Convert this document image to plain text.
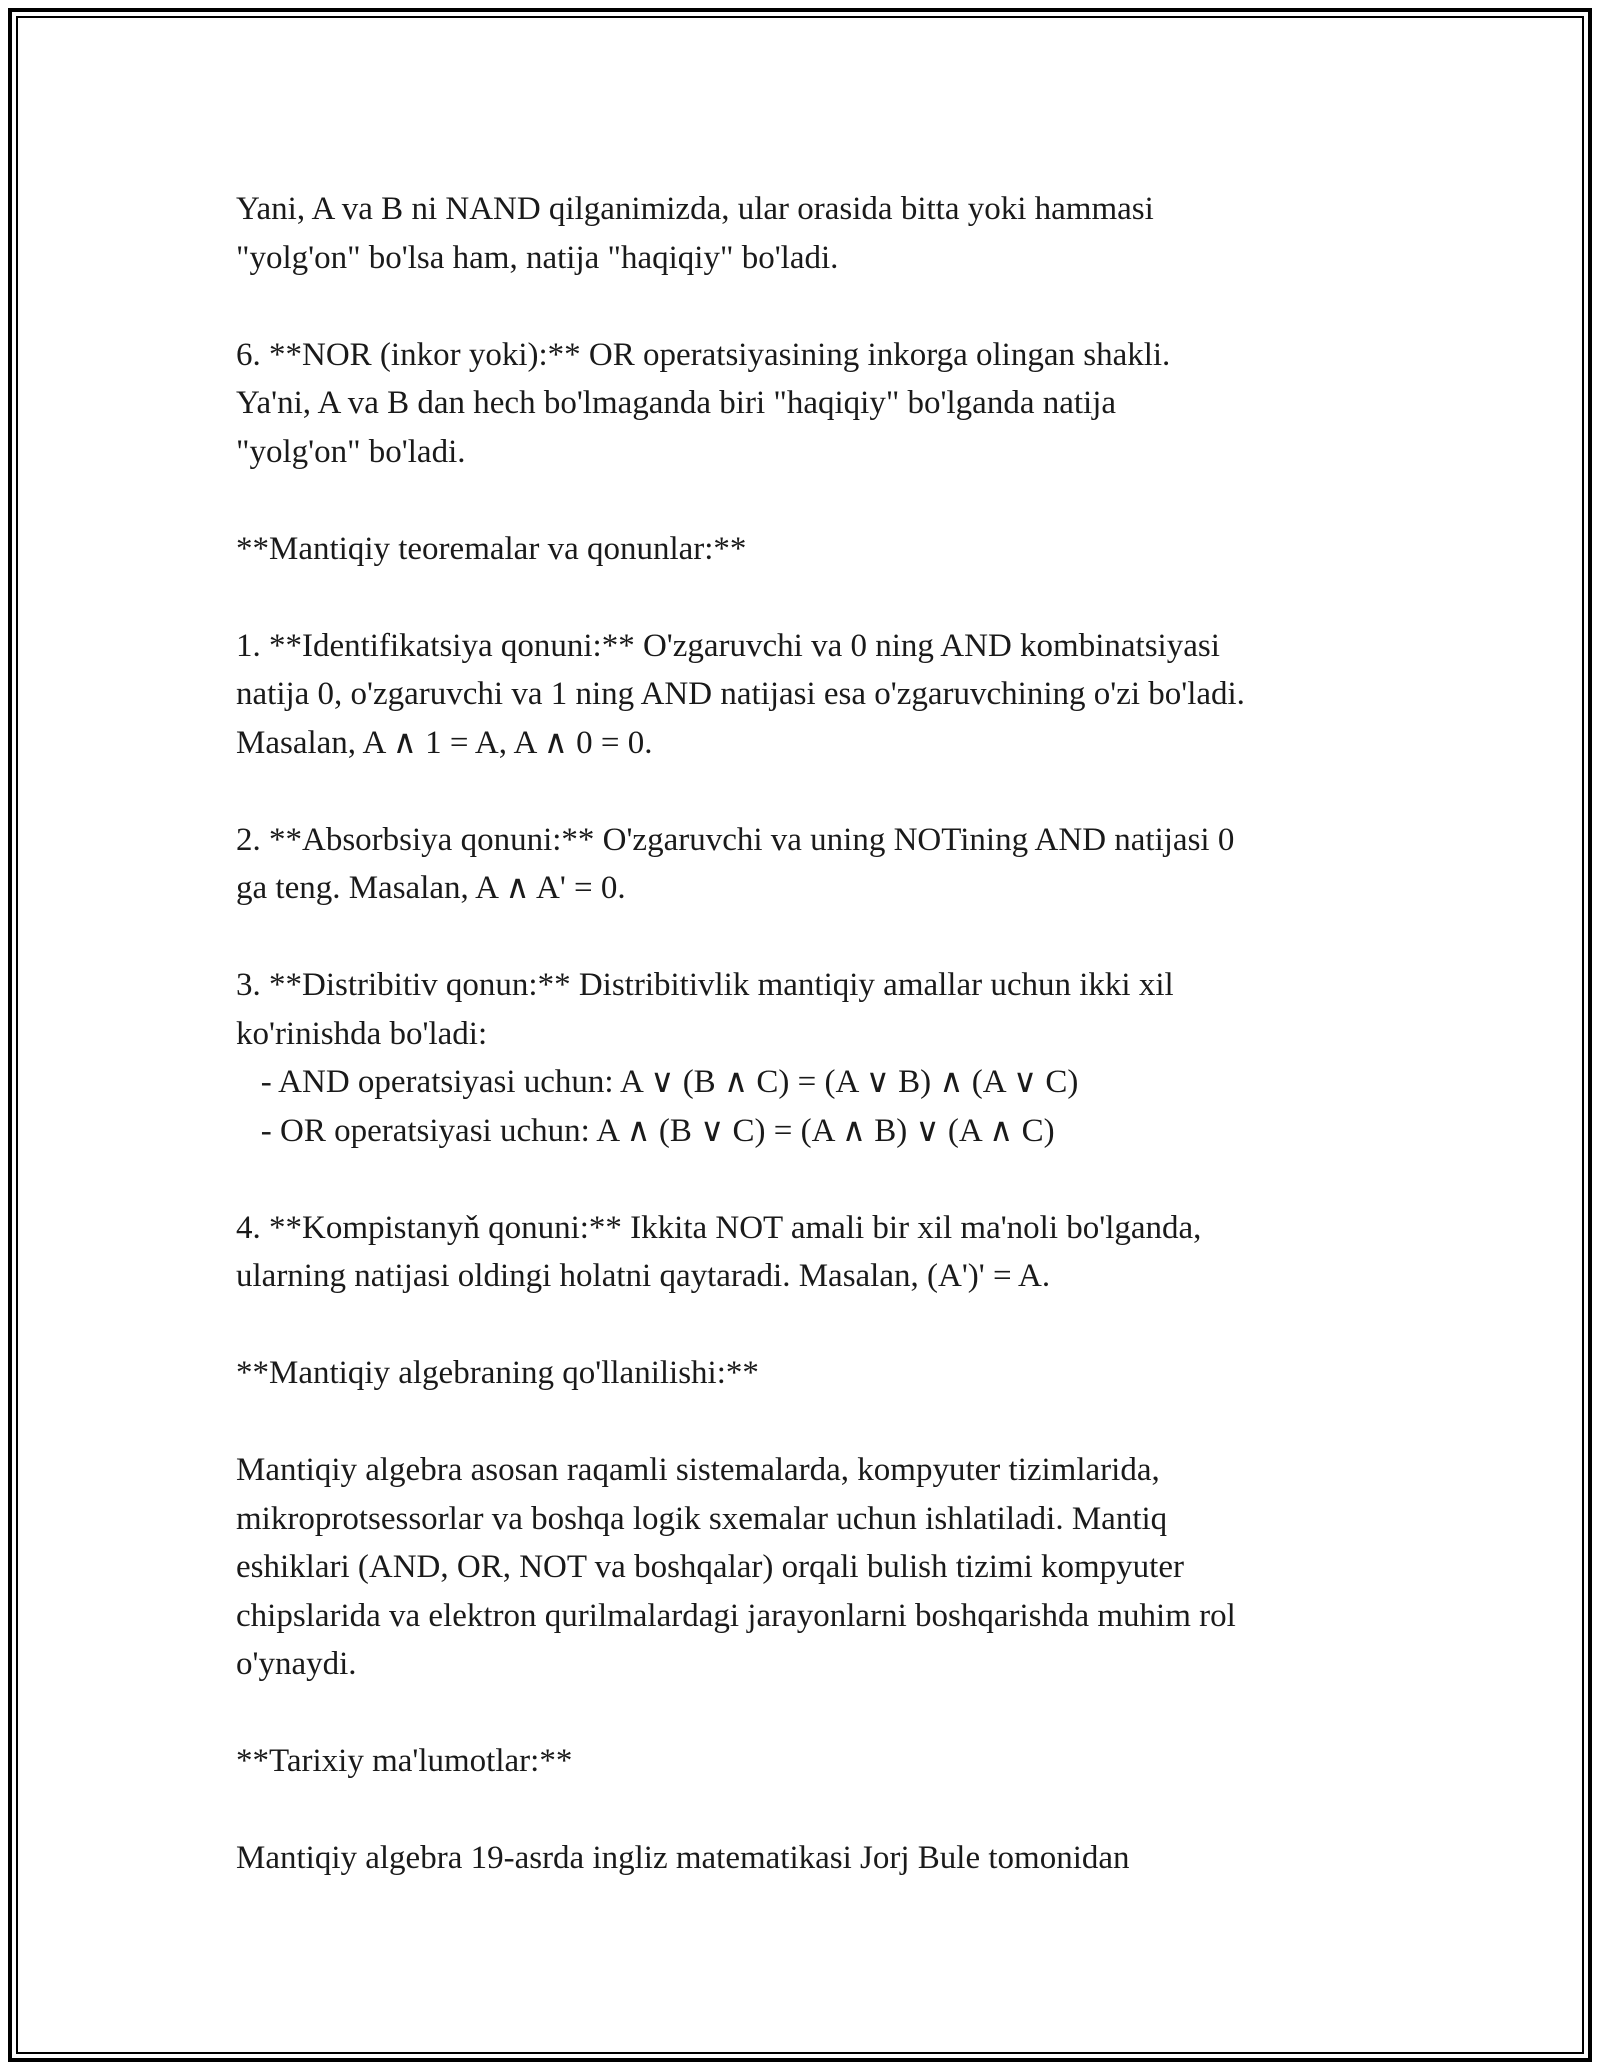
Yani, A va B ni NAND qilganimizda, ular orasida bitta yoki hammasi
"yolg'on" bo'lsa ham, natija "haqiqiy" bo'ladi.
6. **NOR (inkor yoki):** OR operatsiyasining inkorga olingan shakli.
Ya'ni, A va B dan hech bo'lmaganda biri "haqiqiy" bo'lganda natija
"yolg'on" bo'ladi.
**Mantiqiy teoremalar va qonunlar:**
1. **Identifikatsiya qonuni:** O'zgaruvchi va 0 ning AND kombinatsiyasi
natija 0, o'zgaruvchi va 1 ning AND natijasi esa o'zgaruvchining o'zi bo'ladi.
Masalan, A ∧ 1 = A, A ∧ 0 = 0.
2. **Absorbsiya qonuni:** O'zgaruvchi va uning NOTining AND natijasi 0
ga teng. Masalan, A ∧ A' = 0.
3. **Distribitiv qonun:** Distribitivlik mantiqiy amallar uchun ikki xil
ko'rinishda bo'ladi:
- AND operatsiyasi uchun: A ∨ (B ∧ C) = (A ∨ B) ∧ (A ∨ C)
- OR operatsiyasi uchun: A ∧ (B ∨ C) = (A ∧ B) ∨ (A ∧ C)
4. **Kompistanyň qonuni:** Ikkita NOT amali bir xil ma'noli bo'lganda,
ularning natijasi oldingi holatni qaytaradi. Masalan, (A')' = A.
**Mantiqiy algebraning qo'llanilishi:**
Mantiqiy algebra asosan raqamli sistemalarda, kompyuter tizimlarida,
mikroprotsessorlar va boshqa logik sxemalar uchun ishlatiladi. Mantiq
eshiklari (AND, OR, NOT va boshqalar) orqali bulish tizimi kompyuter
chipslarida va elektron qurilmalardagi jarayonlarni boshqarishda muhim rol
o'ynaydi.
**Tarixiy ma'lumotlar:**
Mantiqiy algebra 19-asrda ingliz matematikasi Jorj Bule tomonidan
